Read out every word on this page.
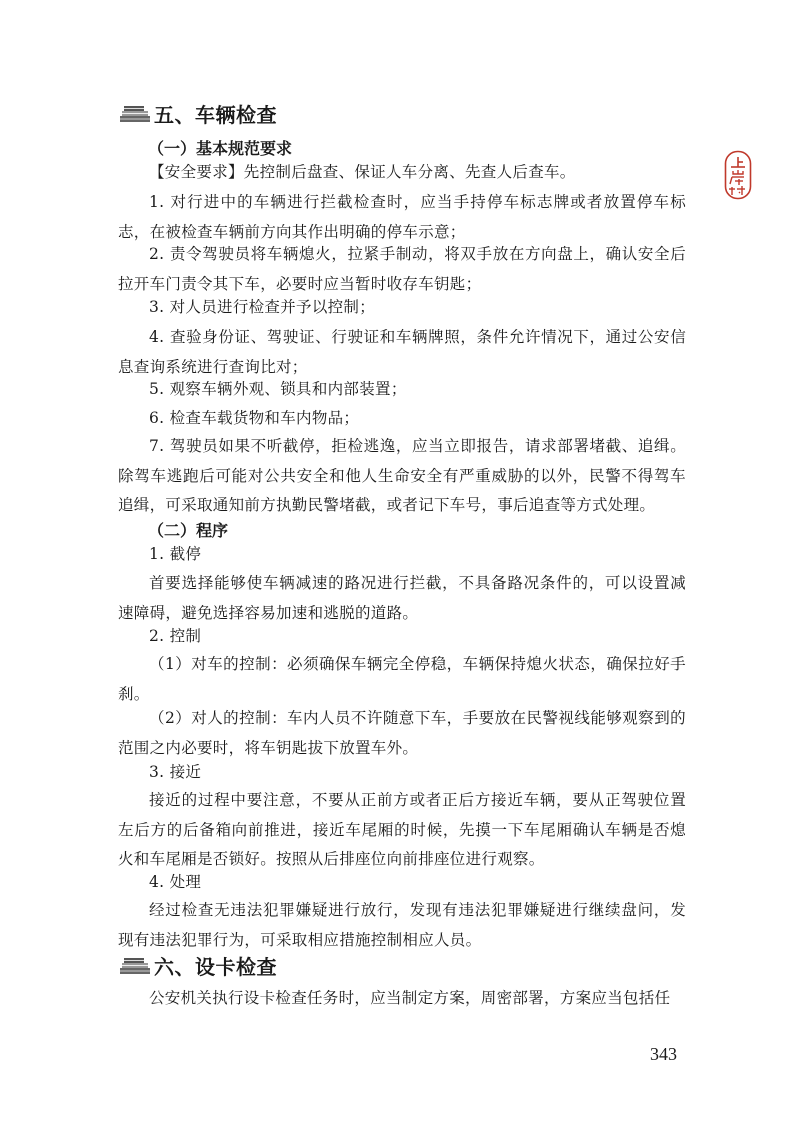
五、车辆检查
（一）基本规范要求
【安全要求】先控制后盘查、保证人车分离、先查人后查车。
1. 对行进中的车辆进行拦截检查时，应当手持停车标志牌或者放置停车标志，在被检查车辆前方向其作出明确的停车示意；
2. 责令驾驶员将车辆熄火，拉紧手制动，将双手放在方向盘上，确认安全后拉开车门责令其下车，必要时应当暂时收存车钥匙；
3. 对人员进行检查并予以控制；
4. 查验身份证、驾驶证、行驶证和车辆牌照，条件允许情况下，通过公安信息查询系统进行查询比对；
5. 观察车辆外观、锁具和内部装置；
6. 检查车载货物和车内物品；
7. 驾驶员如果不听截停，拒检逃逸，应当立即报告，请求部署堵截、追缉。除驾车逃跑后可能对公共安全和他人生命安全有严重威胁的以外，民警不得驾车追缉，可采取通知前方执勤民警堵截，或者记下车号，事后追查等方式处理。
（二）程序
1. 截停
首要选择能够使车辆减速的路况进行拦截，不具备路况条件的，可以设置减速障碍，避免选择容易加速和逃脱的道路。
2. 控制
（1）对车的控制：必须确保车辆完全停稳，车辆保持熄火状态，确保拉好手刹。
（2）对人的控制：车内人员不许随意下车，手要放在民警视线能够观察到的范围之内必要时，将车钥匙拔下放置车外。
3. 接近
接近的过程中要注意，不要从正前方或者正后方接近车辆，要从正驾驶位置左后方的后备箱向前推进，接近车尾厢的时候，先摸一下车尾厢确认车辆是否熄火和车尾厢是否锁好。按照从后排座位向前排座位进行观察。
4. 处理
经过检查无违法犯罪嫌疑进行放行，发现有违法犯罪嫌疑进行继续盘问，发现有违法犯罪行为，可采取相应措施控制相应人员。
六、设卡检查
公安机关执行设卡检查任务时，应当制定方案，周密部署，方案应当包括任
343
